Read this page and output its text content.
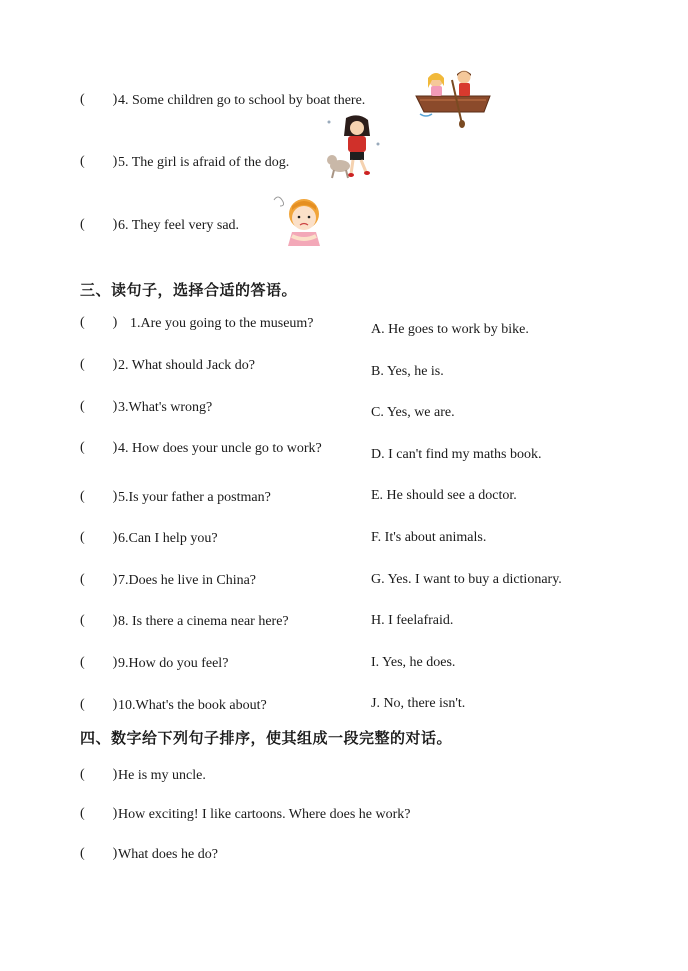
(        ) 4. Some children go to school by boat there.
(        ) 5. The girl is afraid of the dog.
(        ) 6. They feel very sad.
三、读句子，选择合适的答语。
(        ) 1.Are you going to the museum?
(        ) 2. What should Jack do?
(        ) 3.What's wrong?
(        ) 4. How does your uncle go to work?
(        ) 5.Is your father a postman?
(        ) 6.Can I help you?
(        ) 7.Does he live in China?
(        ) 8. Is there a cinema near here?
(        ) 9.How do you feel?
(        ) 10.What's the book about?
A. He goes to work by bike.
B. Yes, he is.
C. Yes, we are.
D. I can't find my maths book.
E. He should see a doctor.
F. It's about animals.
G. Yes. I want to buy a dictionary.
H. I feelafraid.
I. Yes, he does.
J. No, there isn't.
四、数字给下列句子排序，使其组成一段完整的对话。
(        ) He is my uncle.
(        ) How exciting! I like cartoons. Where does he work?
(        ) What does he do?
